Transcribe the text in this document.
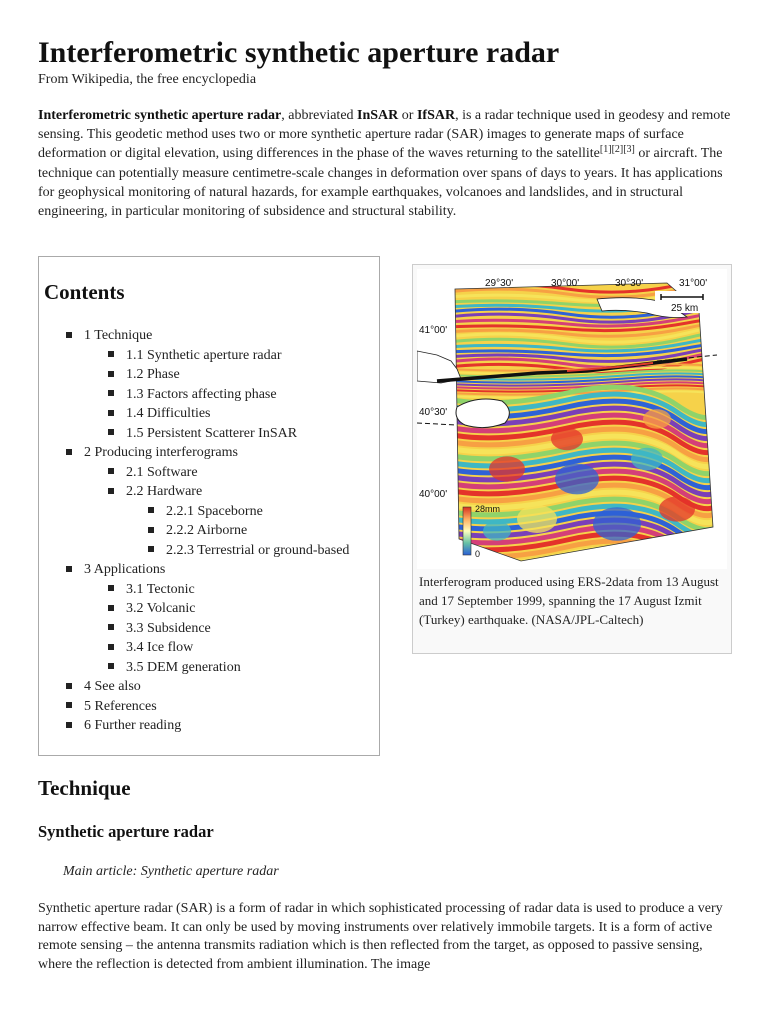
Interferometric synthetic aperture radar
From Wikipedia, the free encyclopedia

Interferometric synthetic aperture radar, abbreviated InSAR or IfSAR, is a radar technique used in geodesy and remote sensing. This geodetic method uses two or more synthetic aperture radar (SAR) images to generate maps of surface deformation or digital elevation, using differences in the phase of the waves returning to the satellite[1][2][3] or aircraft. The technique can potentially measure centimetre-scale changes in deformation over spans of days to years. It has applications for geophysical monitoring of natural hazards, for example earthquakes, volcanoes and landslides, and in structural engineering, in particular monitoring of subsidence and structural stability.

Contents
1 Technique
1.1 Synthetic aperture radar
1.2 Phase
1.3 Factors affecting phase
1.4 Difficulties
1.5 Persistent Scatterer InSAR
2 Producing interferograms
2.1 Software
2.2 Hardware
2.2.1 Spaceborne
2.2.2 Airborne
2.2.3 Terrestrial or ground-based
3 Applications
3.1 Tectonic
3.2 Volcanic
3.3 Subsidence
3.4 Ice flow
3.5 DEM generation
4 See also
5 References
6 Further reading
25 km
29°30'	30°00'	30°30'	31°00'
41°00'
40°30'
40°00'
28mm
0
Interferogram produced using ERS-2data from 13 August and 17 September 1999, spanning the 17 August Izmit (Turkey) earthquake. (NASA/JPL-Caltech)
Technique
Synthetic aperture radar
Main article: Synthetic aperture radar

Synthetic aperture radar (SAR) is a form of radar in which sophisticated processing of radar data is used to produce a very narrow effective beam. It can only be used by moving instruments over relatively immobile targets. It is a form of active remote sensing – the antenna transmits radiation which is then reflected from the target, as opposed to passive sensing, where the reflection is detected from ambient illumination. The image
